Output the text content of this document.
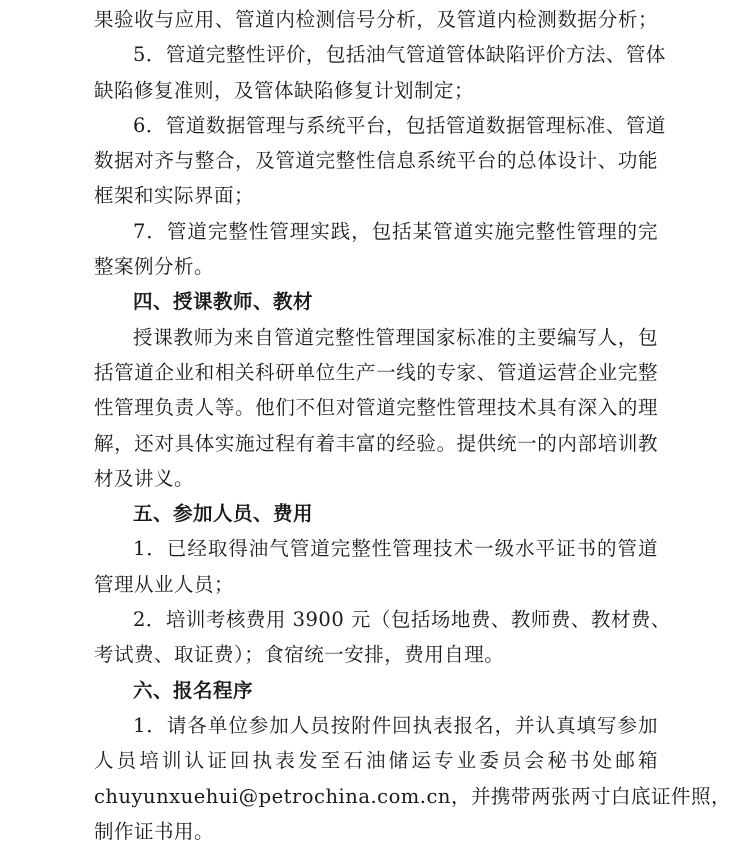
果验收与应用、管道内检测信号分析，及管道内检测数据分析；
5．管道完整性评价，包括油气管道管体缺陷评价方法、管体
缺陷修复准则，及管体缺陷修复计划制定；
6．管道数据管理与系统平台，包括管道数据管理标准、管道
数据对齐与整合，及管道完整性信息系统平台的总体设计、功能
框架和实际界面；
7．管道完整性管理实践，包括某管道实施完整性管理的完
整案例分析。
四、授课教师、教材
授课教师为来自管道完整性管理国家标准的主要编写人，包
括管道企业和相关科研单位生产一线的专家、管道运营企业完整
性管理负责人等。他们不但对管道完整性管理技术具有深入的理
解，还对具体实施过程有着丰富的经验。提供统一的内部培训教
材及讲义。
五、参加人员、费用
1．已经取得油气管道完整性管理技术一级水平证书的管道
管理从业人员；
2．培训考核费用 3900 元（包括场地费、教师费、教材费、
考试费、取证费）；食宿统一安排，费用自理。
六、报名程序
1．请各单位参加人员按附件回执表报名，并认真填写参加
人员培训认证回执表发至石油储运专业委员会秘书处邮箱
chuyunxuehui@petrochina.com.cn，并携带两张两寸白底证件照，
制作证书用。
